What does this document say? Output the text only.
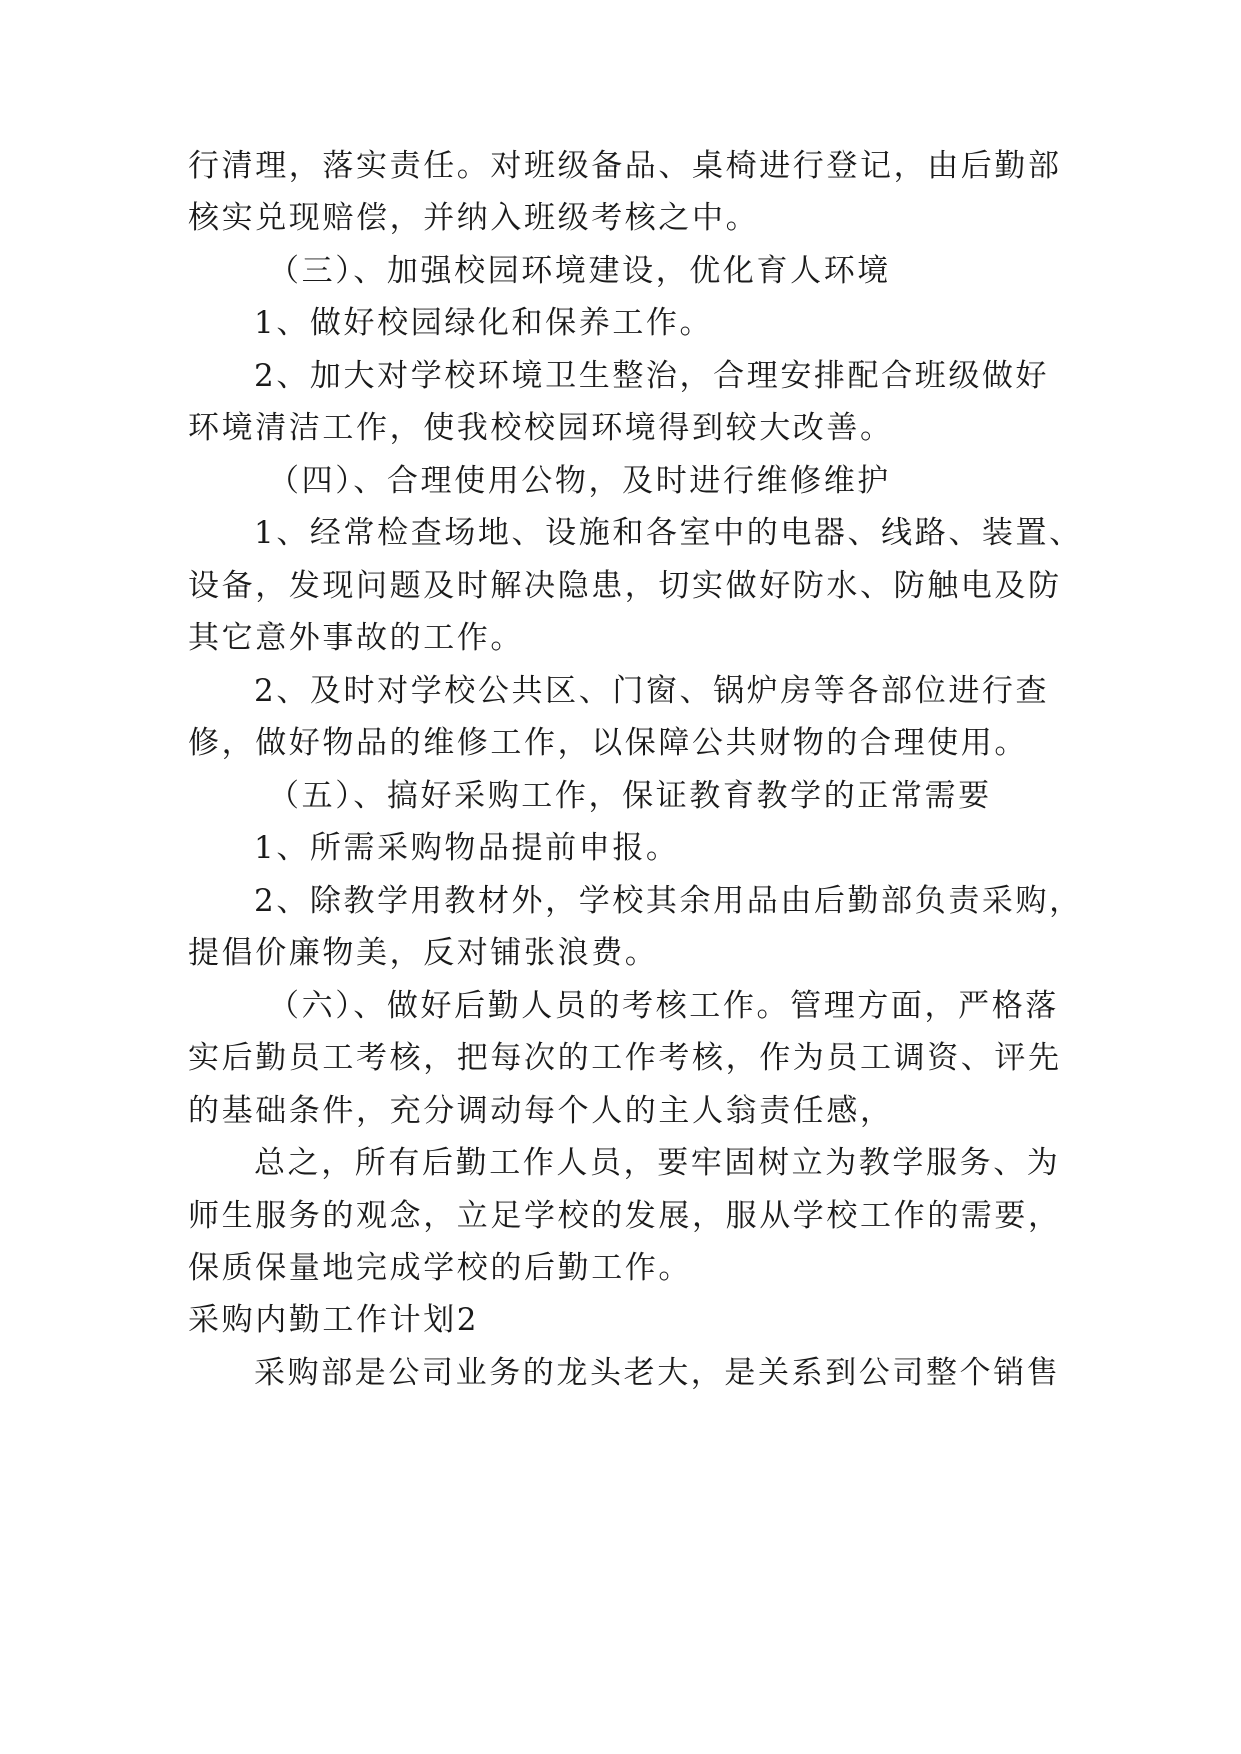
行清理，落实责任。对班级备品、桌椅进行登记，由后勤部
核实兑现赔偿，并纳入班级考核之中。
（三）、加强校园环境建设，优化育人环境
1、做好校园绿化和保养工作。
2、加大对学校环境卫生整治，合理安排配合班级做好
环境清洁工作，使我校校园环境得到较大改善。
（四）、合理使用公物，及时进行维修维护
1、经常检查场地、设施和各室中的电器、线路、装置、
设备，发现问题及时解决隐患，切实做好防水、防触电及防
其它意外事故的工作。
2、及时对学校公共区、门窗、锅炉房等各部位进行查
修，做好物品的维修工作，以保障公共财物的合理使用。
（五）、搞好采购工作，保证教育教学的正常需要
1、所需采购物品提前申报。
2、除教学用教材外，学校其余用品由后勤部负责采购，
提倡价廉物美，反对铺张浪费。
（六）、做好后勤人员的考核工作。管理方面，严格落
实后勤员工考核，把每次的工作考核，作为员工调资、评先
的基础条件，充分调动每个人的主人翁责任感，
总之，所有后勤工作人员，要牢固树立为教学服务、为
师生服务的观念，立足学校的发展，服从学校工作的需要，
保质保量地完成学校的后勤工作。
采购内勤工作计划2
采购部是公司业务的龙头老大，是关系到公司整个销售
